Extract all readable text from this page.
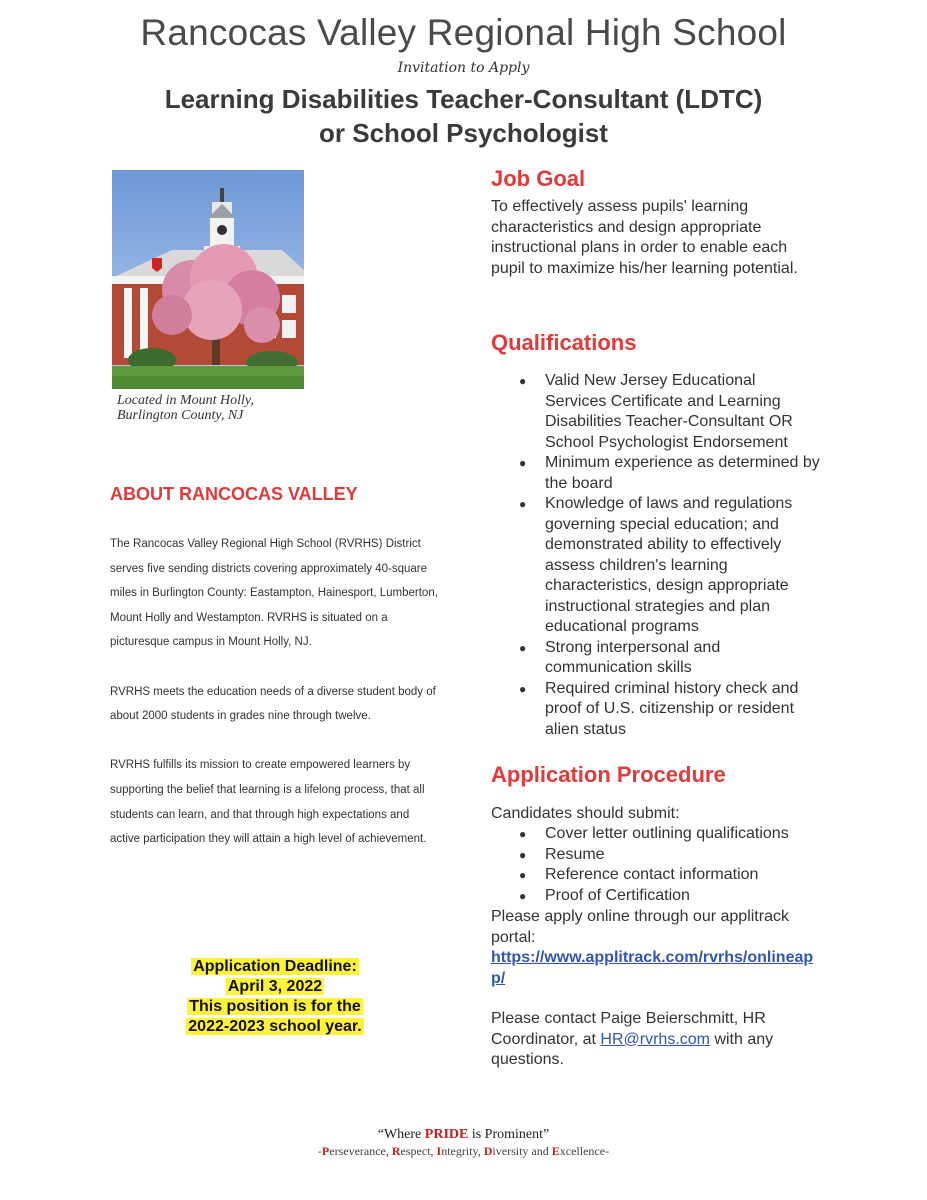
Rancocas Valley Regional High School
Invitation to Apply
Learning Disabilities Teacher-Consultant (LDTC)
or School Psychologist
Located in Mount Holly,
Burlington County, NJ
ABOUT RANCOCAS VALLEY

The Rancocas Valley Regional High School (RVRHS) District serves five sending districts covering approximately 40-square miles in Burlington County: Eastampton, Hainesport, Lumberton, Mount Holly and Westampton. RVRHS is situated on a picturesque campus in Mount Holly, NJ.

RVRHS meets the education needs of a diverse student body of about 2000 students in grades nine through twelve.

RVRHS fulfills its mission to create empowered learners by supporting the belief that learning is a lifelong process, that all students can learn, and that through high expectations and active participation they will attain a high level of achievement.

Application Deadline:
April 3, 2022
This position is for the
2022-2023 school year.
Job Goal
To effectively assess pupils' learning characteristics and design appropriate instructional plans in order to enable each pupil to maximize his/her learning potential.
Qualifications
● Valid New Jersey Educational Services Certificate and Learning Disabilities Teacher-Consultant OR School Psychologist Endorsement
● Minimum experience as determined by the board
● Knowledge of laws and regulations governing special education; and demonstrated ability to effectively assess children's learning characteristics, design appropriate instructional strategies and plan educational programs
● Strong interpersonal and communication skills
● Required criminal history check and proof of U.S. citizenship or resident alien status
Application Procedure
Candidates should submit:
● Cover letter outlining qualifications
● Resume
● Reference contact information
● Proof of Certification
Please apply online through our applitrack portal:
https://www.applitrack.com/rvrhs/onlineapp/
Please contact Paige Beierschmitt, HR Coordinator, at HR@rvrhs.com with any questions.
“Where PRIDE is Prominent”
-Perseverance, Respect, Integrity, Diversity and Excellence-
